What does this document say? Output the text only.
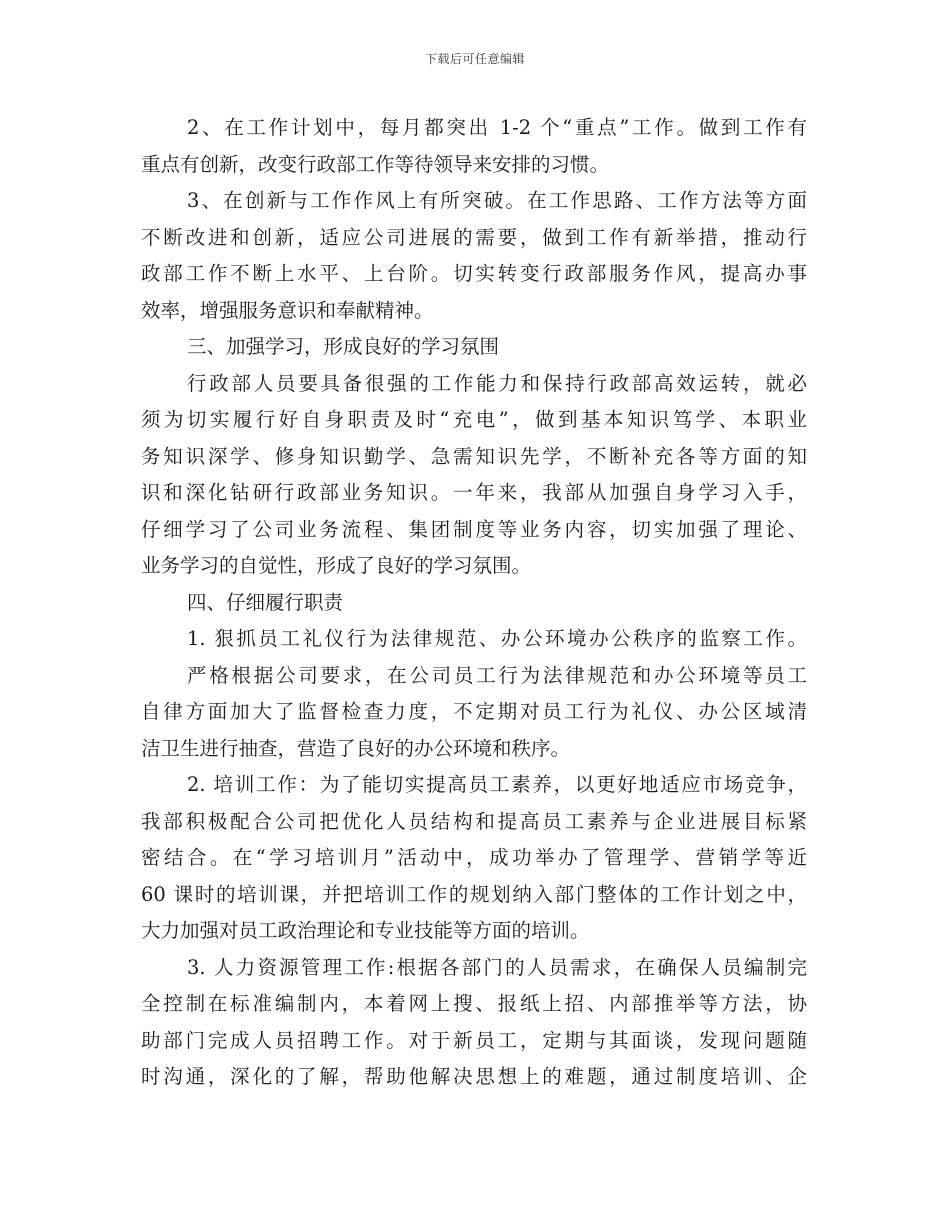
下载后可任意编辑
2、在工作计划中，每月都突出 1-2 个“重点”工作。做到工作有
重点有创新，改变行政部工作等待领导来安排的习惯。
3、在创新与工作作风上有所突破。在工作思路、工作方法等方面
不断改进和创新，适应公司进展的需要，做到工作有新举措，推动行
政部工作不断上水平、上台阶。切实转变行政部服务作风，提高办事
效率，增强服务意识和奉献精神。
三、加强学习，形成良好的学习氛围
行政部人员要具备很强的工作能力和保持行政部高效运转，就必
须为切实履行好自身职责及时“充电”，做到基本知识笃学、本职业
务知识深学、修身知识勤学、急需知识先学，不断补充各等方面的知
识和深化钻研行政部业务知识。一年来，我部从加强自身学习入手，
仔细学习了公司业务流程、集团制度等业务内容，切实加强了理论、
业务学习的自觉性，形成了良好的学习氛围。
四、仔细履行职责
1. 狠抓员工礼仪行为法律规范、办公环境办公秩序的监察工作。
严格根据公司要求，在公司员工行为法律规范和办公环境等员工
自律方面加大了监督检查力度，不定期对员工行为礼仪、办公区域清
洁卫生进行抽查，营造了良好的办公环境和秩序。
2. 培训工作：为了能切实提高员工素养，以更好地适应市场竞争，
我部积极配合公司把优化人员结构和提高员工素养与企业进展目标紧
密结合。在“学习培训月”活动中，成功举办了管理学、营销学等近
60 课时的培训课，并把培训工作的规划纳入部门整体的工作计划之中，
大力加强对员工政治理论和专业技能等方面的培训。
3. 人力资源管理工作:根据各部门的人员需求，在确保人员编制完
全控制在标准编制内，本着网上搜、报纸上招、内部推举等方法，协
助部门完成人员招聘工作。对于新员工，定期与其面谈，发现问题随
时沟通，深化的了解，帮助他解决思想上的难题，通过制度培训、企
